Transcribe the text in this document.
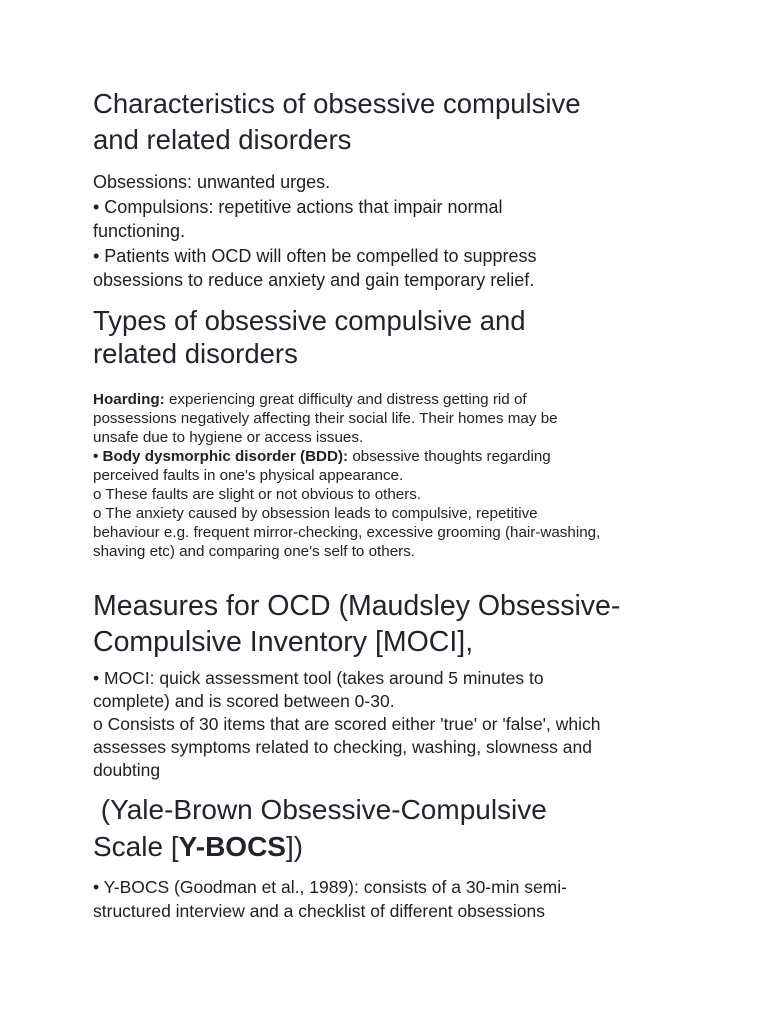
Characteristics of obsessive compulsive
and related disorders
Obsessions: unwanted urges.
• Compulsions: repetitive actions that impair normal
functioning.
• Patients with OCD will often be compelled to suppress
obsessions to reduce anxiety and gain temporary relief.
Types of obsessive compulsive and
related disorders
Hoarding: experiencing great difficulty and distress getting rid of
possessions negatively affecting their social life. Their homes may be
unsafe due to hygiene or access issues.
• Body dysmorphic disorder (BDD): obsessive thoughts regarding
perceived faults in one's physical appearance.
o These faults are slight or not obvious to others.
o The anxiety caused by obsession leads to compulsive, repetitive
behaviour e.g. frequent mirror-checking, excessive grooming (hair-washing,
shaving etc) and comparing one's self to others.
Measures for OCD (Maudsley Obsessive-
Compulsive Inventory [MOCI],
• MOCI: quick assessment tool (takes around 5 minutes to
complete) and is scored between 0-30.
o Consists of 30 items that are scored either 'true' or 'false', which
assesses symptoms related to checking, washing, slowness and
doubting
(Yale-Brown Obsessive-Compulsive
Scale [Y-BOCS])
• Y-BOCS (Goodman et al., 1989): consists of a 30-min semi-
structured interview and a checklist of different obsessions
